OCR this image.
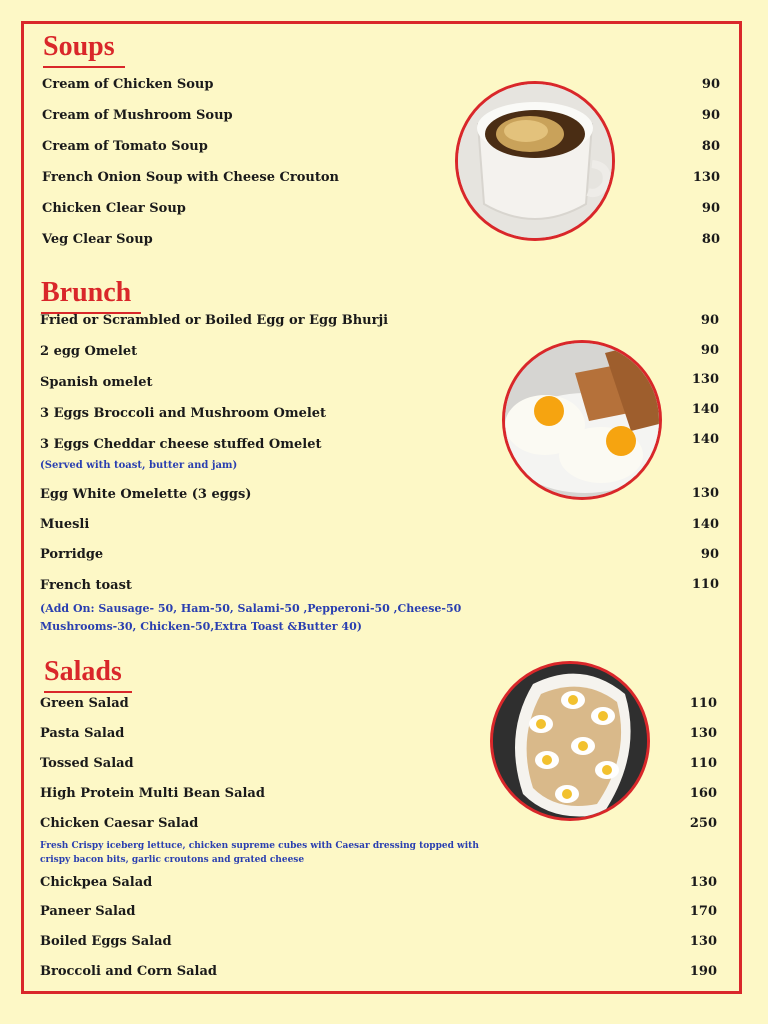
Soups
Cream of Chicken Soup	90
Cream of Mushroom Soup	90
Cream of Tomato Soup	80
French Onion Soup with Cheese Crouton	130
Chicken Clear Soup	90
Veg Clear Soup	80
Brunch
Fried or Scrambled or Boiled Egg or Egg Bhurji	90
2 egg Omelet	90
Spanish omelet	130
3 Eggs Broccoli and Mushroom Omelet	140
3 Eggs Cheddar cheese stuffed Omelet	140
(Served with toast, butter and jam)
Egg White Omelette (3 eggs)	130
Muesli	140
Porridge	90
French toast	110
(Add On: Sausage- 50, Ham-50, Salami-50 ,Pepperoni-50 ,Cheese-50
Mushrooms-30, Chicken-50,Extra Toast &Butter 40)
Salads
Green Salad	110
Pasta Salad	130
Tossed Salad	110
High Protein Multi Bean Salad	160
Chicken Caesar Salad	250
Fresh Crispy iceberg lettuce, chicken supreme cubes with Caesar dressing topped with
crispy bacon bits, garlic croutons and grated cheese
Chickpea Salad	130
Paneer Salad	170
Boiled Eggs Salad	130
Broccoli and Corn Salad	190
